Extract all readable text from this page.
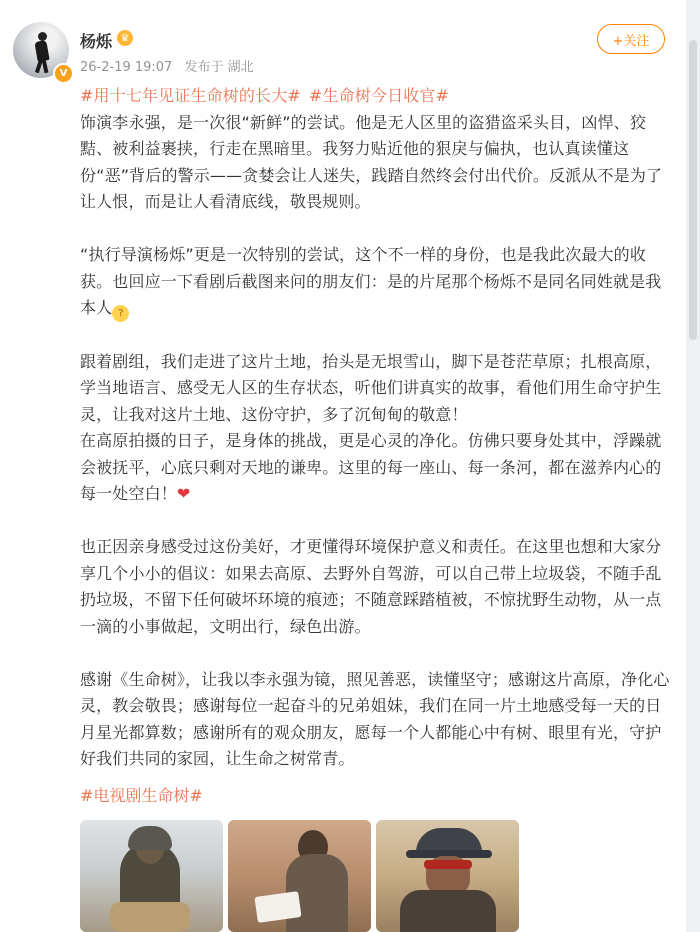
V
杨烁 ♛
26-2-19 19:07 发布于 湖北
+关注

#用十七年见证生命树的长大# #生命树今日收官#

饰演李永强，是一次很“新鲜”的尝试。他是无人区里的盗猎盗采头目，凶悍、狡黠、被利益裹挟，行走在黑暗里。我努力贴近他的狠戾与偏执，也认真读懂这份“恶”背后的警示——贪婪会让人迷失，践踏自然终会付出代价。反派从不是为了让人恨，而是让人看清底线，敬畏规则。

“执行导演杨烁”更是一次特别的尝试，这个不一样的身份，也是我此次最大的收获。也回应一下看剧后截图来问的朋友们：是的片尾那个杨烁不是同名同姓就是我本人 ?

跟着剧组，我们走进了这片土地，抬头是无垠雪山，脚下是苍茫草原；扎根高原，学当地语言、感受无人区的生存状态，听他们讲真实的故事，看他们用生命守护生灵，让我对这片土地、这份守护，多了沉甸甸的敬意！

在高原拍摄的日子，是身体的挑战，更是心灵的净化。仿佛只要身处其中，浮躁就会被抚平，心底只剩对天地的谦卑。这里的每一座山、每一条河，都在滋养内心的每一处空白！❤

也正因亲身感受过这份美好，才更懂得环境保护意义和责任。在这里也想和大家分享几个小小的倡议：如果去高原、去野外自驾游，可以自己带上垃圾袋，不随手乱扔垃圾，不留下任何破坏环境的痕迹；不随意踩踏植被，不惊扰野生动物，从一点一滴的小事做起，文明出行，绿色出游。

感谢《生命树》，让我以李永强为镜，照见善恶，读懂坚守；感谢这片高原，净化心灵，教会敬畏；感谢每位一起奋斗的兄弟姐妹，我们在同一片土地感受每一天的日月星光都算数；感谢所有的观众朋友，愿每一个人都能心中有树、眼里有光，守护好我们共同的家园，让生命之树常青。

#电视剧生命树#
